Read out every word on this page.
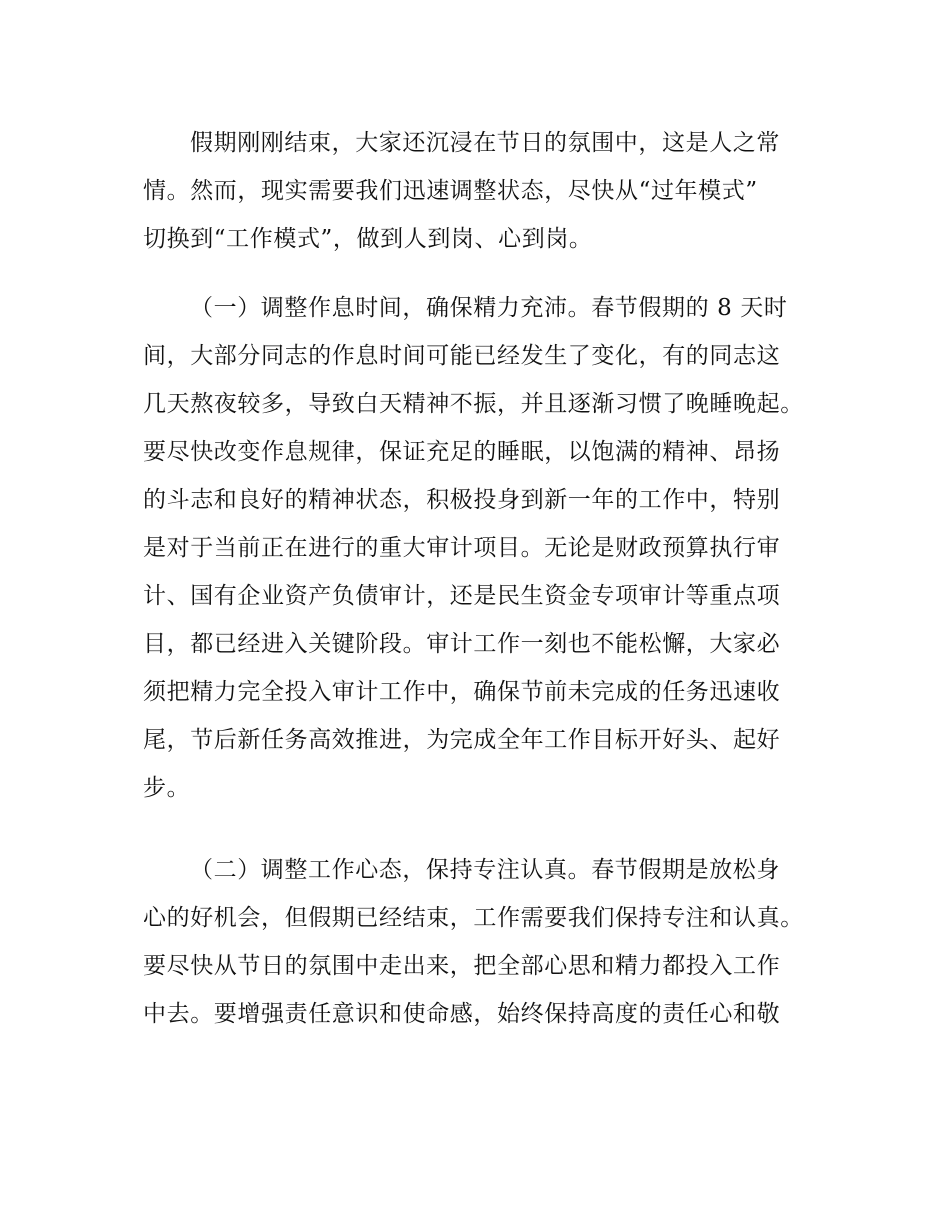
假期刚刚结束，大家还沉浸在节日的氛围中，这是人之常
情。然而，现实需要我们迅速调整状态，尽快从“过年模式”
切换到“工作模式”，做到人到岗、心到岗。
（一）调整作息时间，确保精力充沛。春节假期的 8 天时
间，大部分同志的作息时间可能已经发生了变化，有的同志这
几天熬夜较多，导致白天精神不振，并且逐渐习惯了晚睡晚起。
要尽快改变作息规律，保证充足的睡眠，以饱满的精神、昂扬
的斗志和良好的精神状态，积极投身到新一年的工作中，特别
是对于当前正在进行的重大审计项目。无论是财政预算执行审
计、国有企业资产负债审计，还是民生资金专项审计等重点项
目，都已经进入关键阶段。审计工作一刻也不能松懈，大家必
须把精力完全投入审计工作中，确保节前未完成的任务迅速收
尾，节后新任务高效推进，为完成全年工作目标开好头、起好
步。
（二）调整工作心态，保持专注认真。春节假期是放松身
心的好机会，但假期已经结束，工作需要我们保持专注和认真。
要尽快从节日的氛围中走出来，把全部心思和精力都投入工作
中去。要增强责任意识和使命感，始终保持高度的责任心和敬
